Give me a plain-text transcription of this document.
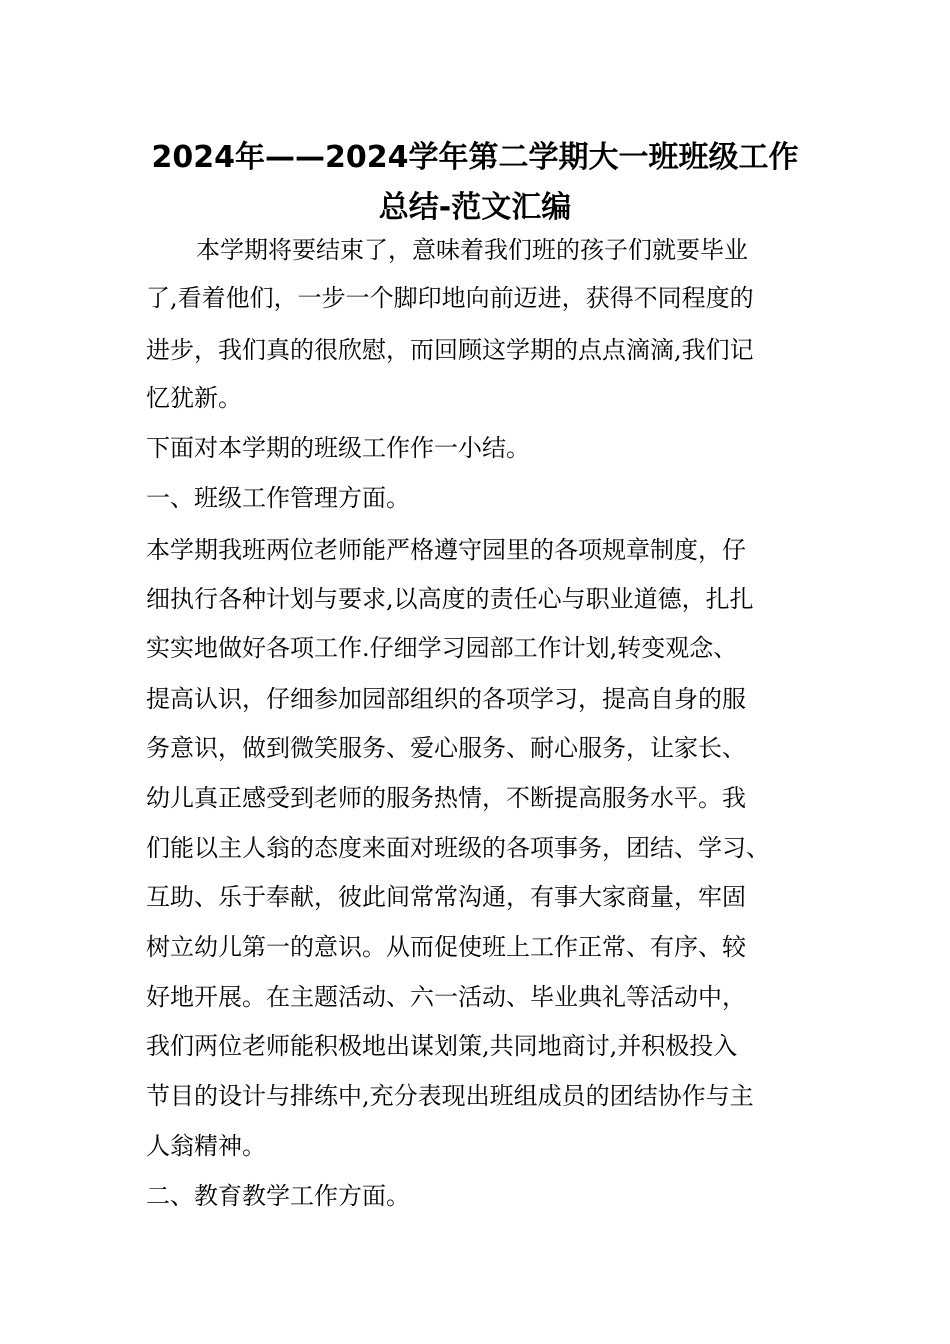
2024年——2024学年第二学期大一班班级工作
总结-范文汇编
本学期将要结束了，意味着我们班的孩子们就要毕业
了,看着他们，一步一个脚印地向前迈进，获得不同程度的
进步，我们真的很欣慰，而回顾这学期的点点滴滴,我们记
忆犹新。
下面对本学期的班级工作作一小结。
一、班级工作管理方面。
本学期我班两位老师能严格遵守园里的各项规章制度，仔
细执行各种计划与要求,以高度的责任心与职业道德，扎扎
实实地做好各项工作.仔细学习园部工作计划,转变观念、
提高认识，仔细参加园部组织的各项学习，提高自身的服
务意识，做到微笑服务、爱心服务、耐心服务，让家长、
幼儿真正感受到老师的服务热情，不断提高服务水平。我
们能以主人翁的态度来面对班级的各项事务，团结、学习、
互助、乐于奉献，彼此间常常沟通，有事大家商量，牢固
树立幼儿第一的意识。从而促使班上工作正常、有序、较
好地开展。在主题活动、六一活动、毕业典礼等活动中，
我们两位老师能积极地出谋划策,共同地商讨,并积极投入
节目的设计与排练中,充分表现出班组成员的团结协作与主
人翁精神。
二、教育教学工作方面。
